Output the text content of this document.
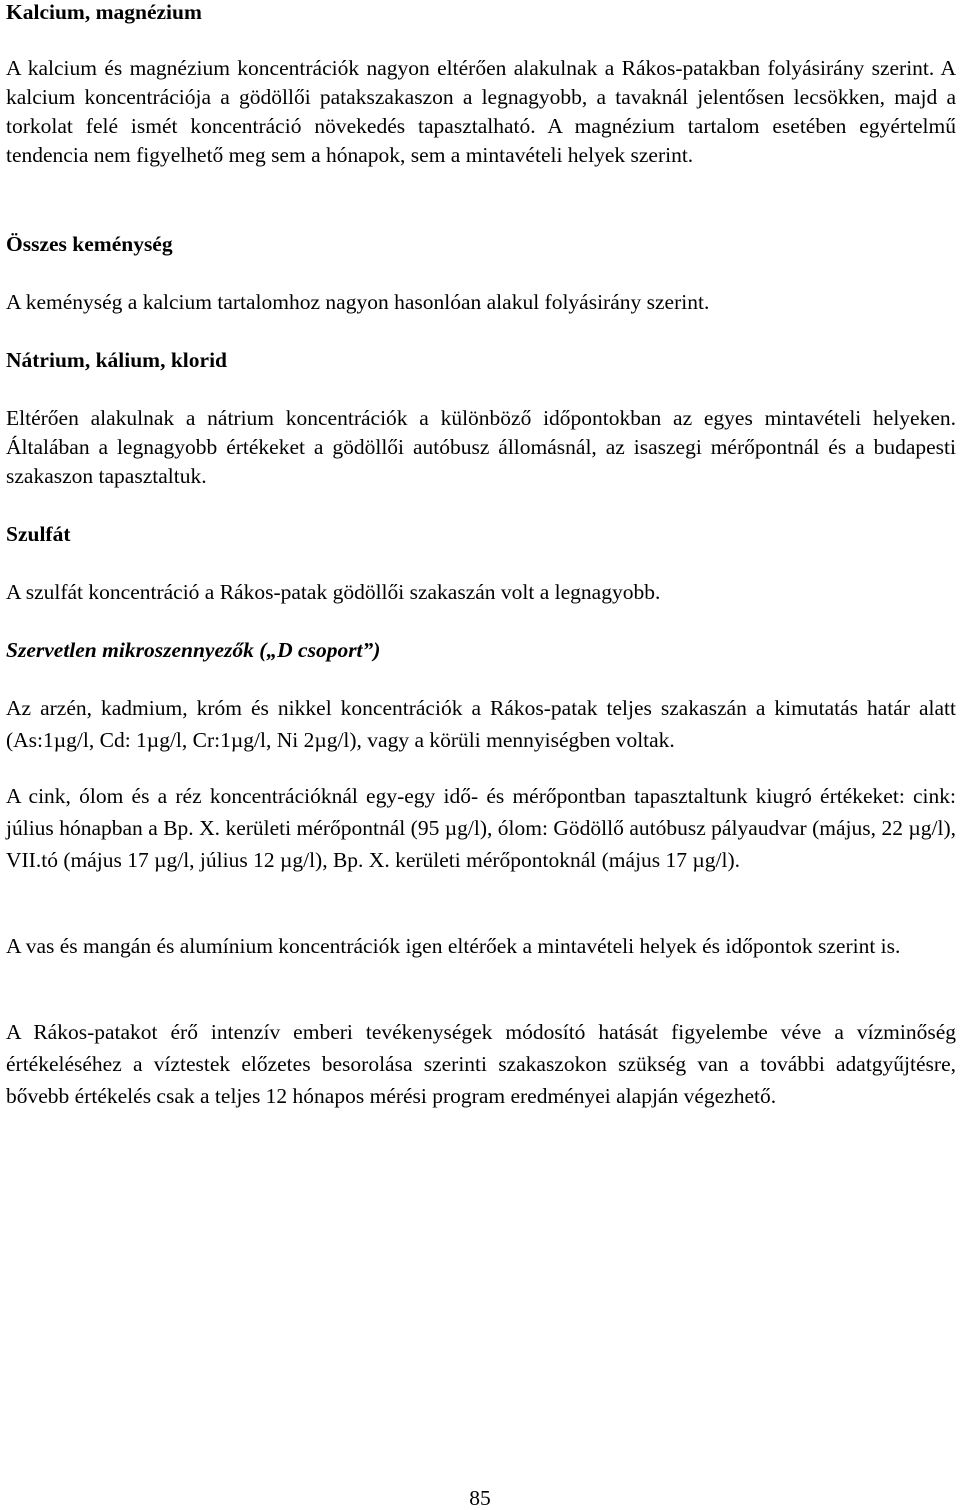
Kalcium, magnézium

A kalcium és magnézium koncentrációk nagyon eltérően alakulnak a Rákos-patakban folyásirány szerint. A kalcium koncentrációja a gödöllői patakszakaszon a legnagyobb, a tavaknál jelentősen lecsökken, majd a torkolat felé ismét koncentráció növekedés tapasztalható. A magnézium tartalom esetében egyértelmű tendencia nem figyelhető meg sem a hónapok, sem a mintavételi helyek szerint.

Összes keménység

A keménység a kalcium tartalomhoz nagyon hasonlóan alakul folyásirány szerint.

Nátrium, kálium, klorid

Eltérően alakulnak a nátrium koncentrációk a különböző időpontokban az egyes mintavételi helyeken. Általában a legnagyobb értékeket a gödöllői autóbusz állomásnál, az isaszegi mérőpontnál és a budapesti szakaszon tapasztaltuk.

Szulfát

A szulfát koncentráció a Rákos-patak gödöllői szakaszán volt a legnagyobb.

Szervetlen mikroszennyezők („D csoport”)

Az arzén, kadmium, króm és nikkel koncentrációk a Rákos-patak teljes szakaszán a kimutatás határ alatt (As:1µg/l, Cd: 1µg/l, Cr:1µg/l, Ni 2µg/l), vagy a körüli mennyiségben voltak.

A cink, ólom és a réz koncentrációknál egy-egy idő- és mérőpontban tapasztaltunk kiugró értékeket: cink: július hónapban a Bp. X. kerületi mérőpontnál (95 µg/l), ólom: Gödöllő autóbusz pályaudvar (május, 22 µg/l), VII.tó (május 17 µg/l, július 12 µg/l), Bp. X. kerületi mérőpontoknál (május 17 µg/l).

A vas és mangán és alumínium koncentrációk igen eltérőek a mintavételi helyek és időpontok szerint is.

A Rákos-patakot érő intenzív emberi tevékenységek módosító hatását figyelembe véve a vízminőség értékeléséhez a víztestek előzetes besorolása szerinti szakaszokon szükség van a további adatgyűjtésre, bővebb értékelés csak a teljes 12 hónapos mérési program eredményei alapján végezhető.

85
